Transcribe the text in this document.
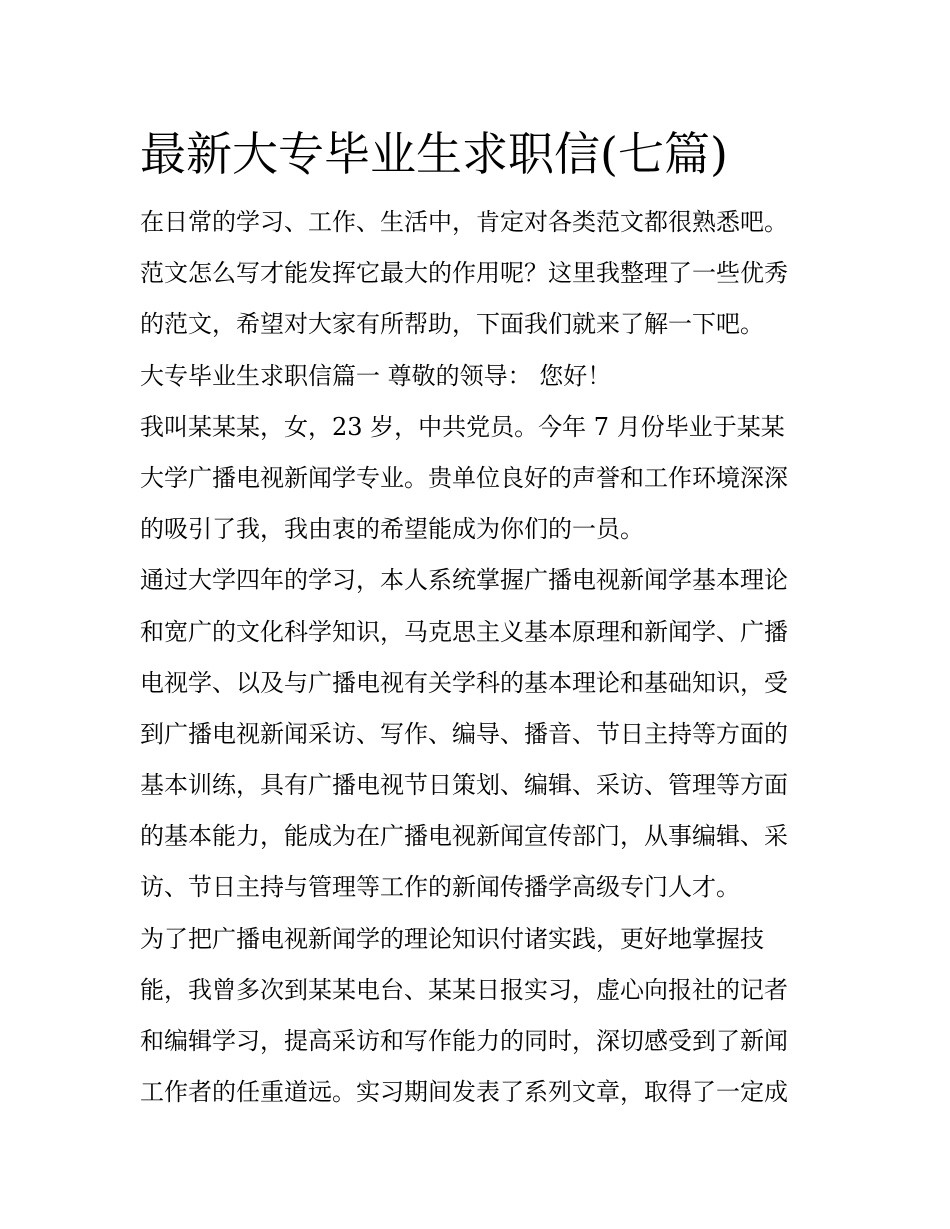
最新大专毕业生求职信(七篇)
在日常的学习、工作、生活中，肯定对各类范文都很熟悉吧。
范文怎么写才能发挥它最大的作用呢？这里我整理了一些优秀
的范文，希望对大家有所帮助，下面我们就来了解一下吧。
大专毕业生求职信篇一 尊敬的领导： 您好！
我叫某某某，女，23 岁，中共党员。今年 7 月份毕业于某某
大学广播电视新闻学专业。贵单位良好的声誉和工作环境深深
的吸引了我，我由衷的希望能成为你们的一员。
通过大学四年的学习，本人系统掌握广播电视新闻学基本理论
和宽广的文化科学知识，马克思主义基本原理和新闻学、广播
电视学、以及与广播电视有关学科的基本理论和基础知识，受
到广播电视新闻采访、写作、编导、播音、节日主持等方面的
基本训练，具有广播电视节日策划、编辑、采访、管理等方面
的基本能力，能成为在广播电视新闻宣传部门，从事编辑、采
访、节日主持与管理等工作的新闻传播学高级专门人才。
为了把广播电视新闻学的理论知识付诸实践，更好地掌握技
能，我曾多次到某某电台、某某日报实习，虚心向报社的记者
和编辑学习，提高采访和写作能力的同时，深切感受到了新闻
工作者的任重道远。实习期间发表了系列文章，取得了一定成
